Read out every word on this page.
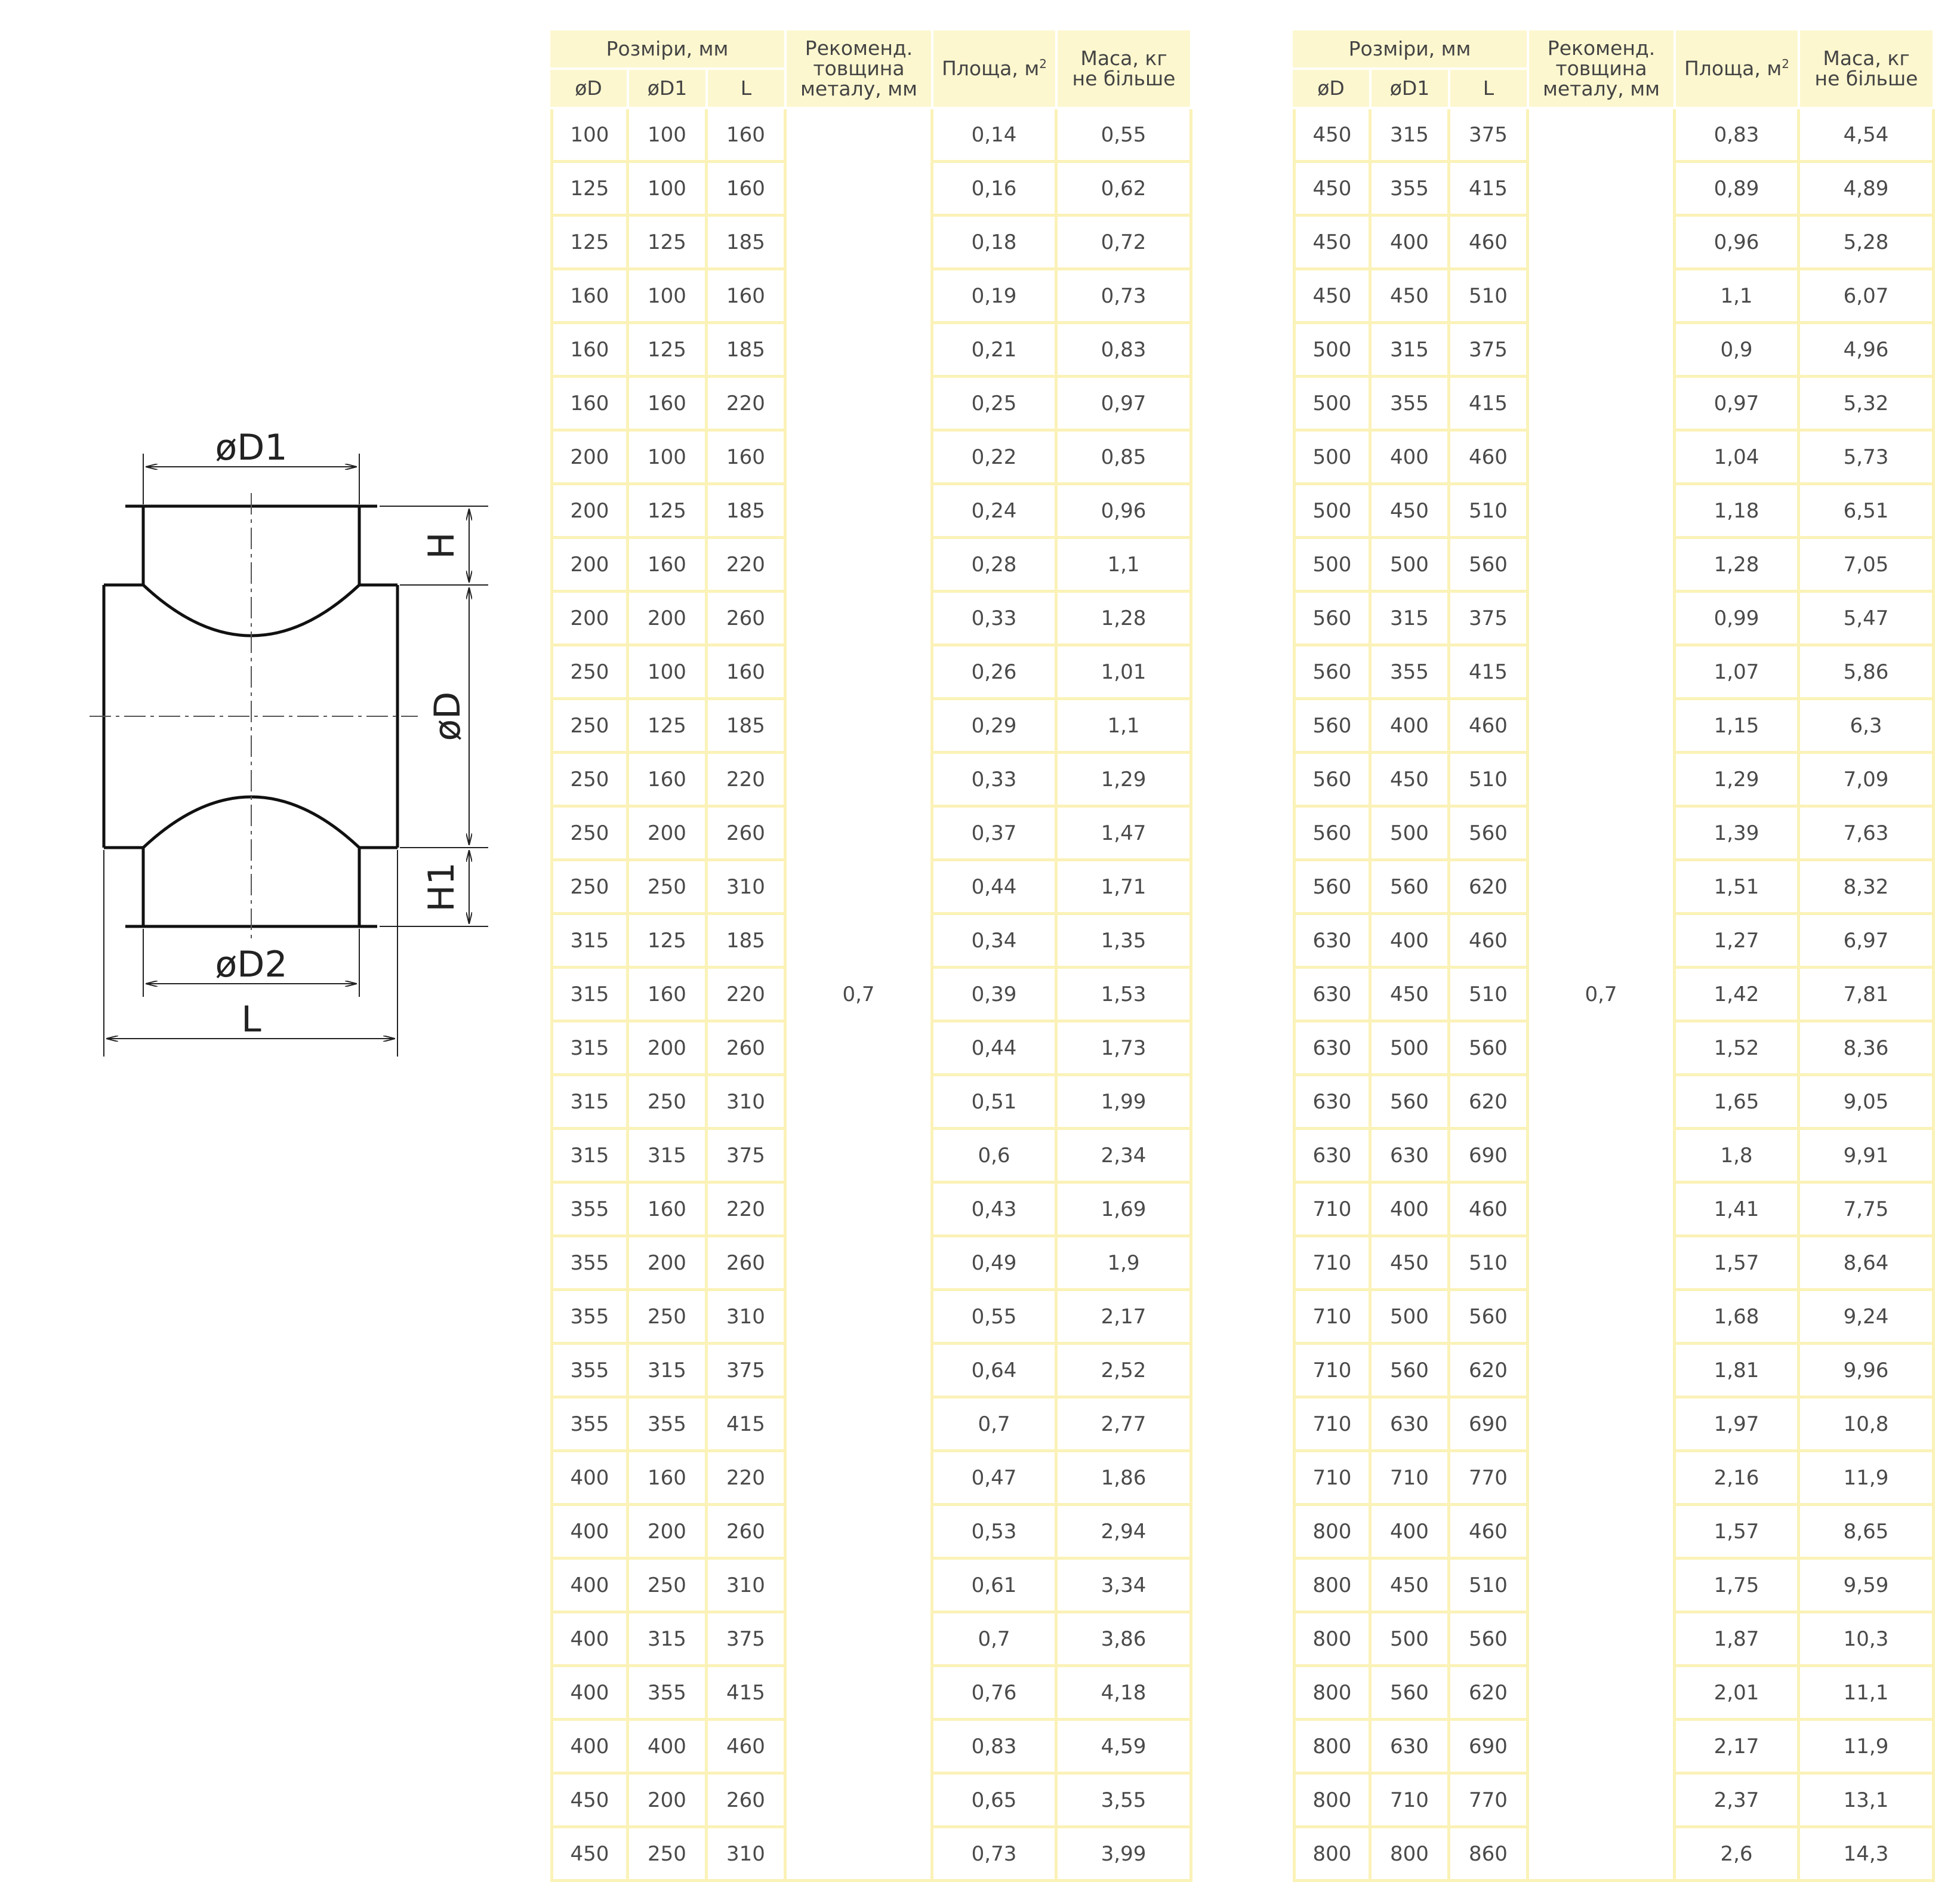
øD1
H
øD
H1
øD2
L
Розміри, мм			Рекоменд.
товщина
металу, мм	Площа, $м^2$	Маса, кг
не більше
øD	øD1	L			
100	100	160	0,7	0,14	0,55
125	100	160		0,16	0,62
125	125	185		0,18	0,72
160	100	160		0,19	0,73
160	125	185		0,21	0,83
160	160	220		0,25	0,97
200	100	160		0,22	0,85
200	125	185		0,24	0,96
200	160	220		0,28	1,1
200	200	260		0,33	1,28
250	100	160		0,26	1,01
250	125	185		0,29	1,1
250	160	220		0,33	1,29
250	200	260		0,37	1,47
250	250	310		0,44	1,71
315	125	185		0,34	1,35
315	160	220		0,39	1,53
315	200	260		0,44	1,73
315	250	310		0,51	1,99
315	315	375		0,6	2,34
355	160	220		0,43	1,69
355	200	260		0,49	1,9
355	250	310		0,55	2,17
355	315	375		0,64	2,52
355	355	415		0,7	2,77
400	160	220		0,47	1,86
400	200	260		0,53	2,94
400	250	310		0,61	3,34
400	315	375		0,7	3,86
400	355	415		0,76	4,18
400	400	460		0,83	4,59
450	200	260		0,65	3,55
450	250	310		0,73	3,99
Розміри, мм			Рекоменд.
товщина
металу, мм	Площа, $м^2$	Маса, кг
не більше
øD	øD1	L			
450	315	375	0,7	0,83	4,54
450	355	415		0,89	4,89
450	400	460		0,96	5,28
450	450	510		1,1	6,07
500	315	375		0,9	4,96
500	355	415		0,97	5,32
500	400	460		1,04	5,73
500	450	510		1,18	6,51
500	500	560		1,28	7,05
560	315	375		0,99	5,47
560	355	415		1,07	5,86
560	400	460		1,15	6,3
560	450	510		1,29	7,09
560	500	560		1,39	7,63
560	560	620		1,51	8,32
630	400	460		1,27	6,97
630	450	510		1,42	7,81
630	500	560		1,52	8,36
630	560	620		1,65	9,05
630	630	690		1,8	9,91
710	400	460		1,41	7,75
710	450	510		1,57	8,64
710	500	560		1,68	9,24
710	560	620		1,81	9,96
710	630	690		1,97	10,8
710	710	770		2,16	11,9
800	400	460		1,57	8,65
800	450	510		1,75	9,59
800	500	560		1,87	10,3
800	560	620		2,01	11,1
800	630	690		2,17	11,9
800	710	770		2,37	13,1
800	800	860		2,6	14,3
